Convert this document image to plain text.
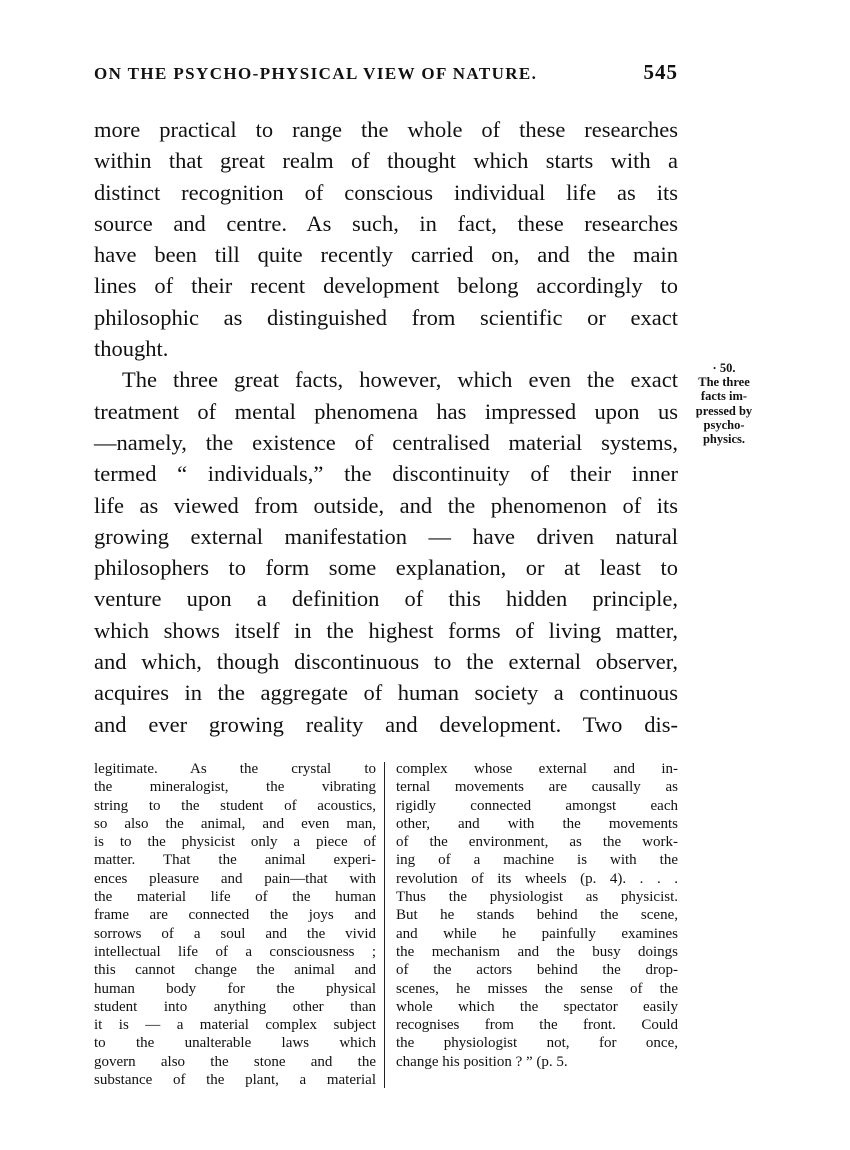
ON THE PSYCHO-PHYSICAL VIEW OF NATURE.	545
more practical to range the whole of these researches
within that great realm of thought which starts with a
distinct recognition of conscious individual life as its
source and centre. As such, in fact, these researches
have been till quite recently carried on, and the main
lines of their recent development belong accordingly to
philosophic as distinguished from scientific or exact
thought.
The three great facts, however, which even the exact
treatment of mental phenomena has impressed upon us
—namely, the existence of centralised material systems,
termed “ individuals,” the discontinuity of their inner
life as viewed from outside, and the phenomenon of its
growing external manifestation — have driven natural
philosophers to form some explanation, or at least to
venture upon a definition of this hidden principle,
which shows itself in the highest forms of living matter,
and which, though discontinuous to the external observer,
acquires in the aggregate of human society a continuous
and ever growing reality and development. Two dis-
· 50.
The three
facts im-
pressed by
psycho-
physics.
legitimate. As the crystal to
the mineralogist, the vibrating
string to the student of acoustics,
so also the animal, and even man,
is to the physicist only a piece of
matter. That the animal experi-
ences pleasure and pain—that with
the material life of the human
frame are connected the joys and
sorrows of a soul and the vivid
intellectual life of a consciousness ;
this cannot change the animal and
human body for the physical
student into anything other than
it is — a material complex subject
to the unalterable laws which
govern also the stone and the
substance of the plant, a material
complex whose external and in-
ternal movements are causally as
rigidly connected amongst each
other, and with the movements
of the environment, as the work-
ing of a machine is with the
revolution of its wheels (p. 4). . . .
Thus the physiologist as physicist.
But he stands behind the scene,
and while he painfully examines
the mechanism and the busy doings
of the actors behind the drop-
scenes, he misses the sense of the
whole which the spectator easily
recognises from the front. Could
the physiologist not, for once,
change his position ? ” (p. 5.
